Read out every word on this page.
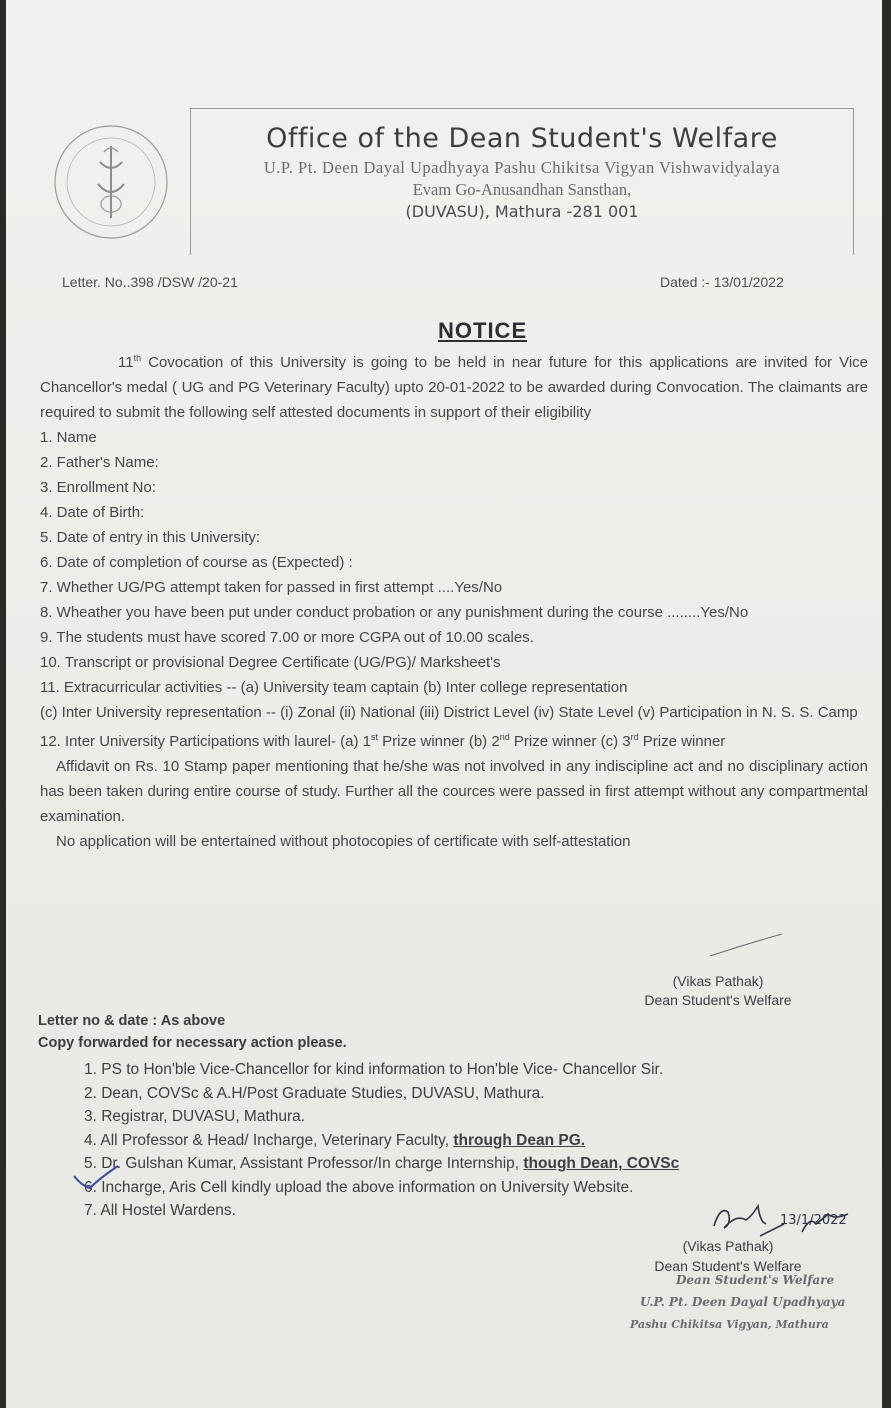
Office of the Dean Student's Welfare
U.P. Pt. Deen Dayal Upadhyaya Pashu Chikitsa Vigyan Vishwavidyalaya
Evam Go-Anusandhan Sansthan,
(DUVASU), Mathura -281 001
Letter. No..398 /DSW /20-21	Dated :- 13/01/2022
NOTICE

11th Covocation of this University is going to be held in near future for this applications are invited for Vice Chancellor's medal ( UG and PG Veterinary Faculty) upto 20-01-2022 to be awarded during Convocation. The claimants are required to submit the following self attested documents in support of their eligibility

1. Name

2. Father's Name:

3. Enrollment No:

4. Date of Birth:

5. Date of entry in this University:

6. Date of completion of course as (Expected) :

7. Whether UG/PG attempt taken for passed in first attempt ....Yes/No

8. Wheather you have been put under conduct probation or any punishment during the course ........Yes/No

9. The students must have scored 7.00 or more CGPA out of 10.00 scales.

10. Transcript or provisional Degree Certificate (UG/PG)/ Marksheet's

11. Extracurricular activities -- (a) University team captain (b) Inter college representation

(c) Inter University representation -- (i) Zonal (ii) National (iii) District Level (iv) State Level (v) Participation in N. S. S. Camp

12. Inter University Participations with laurel- (a) 1st Prize winner (b) 2nd Prize winner (c) 3rd Prize winner

Affidavit on Rs. 10 Stamp paper mentioning that he/she was not involved in any indiscipline act and no disciplinary action has been taken during entire course of study. Further all the cources were passed in first attempt without any compartmental examination.

No application will be entertained without photocopies of certificate with self-attestation

(Vikas Pathak)
Dean Student's Welfare
Letter no & date : As above
Copy forwarded for necessary action please.
1. PS to Hon'ble Vice-Chancellor for kind information to Hon'ble Vice- Chancellor Sir.
2. Dean, COVSc & A.H/Post Graduate Studies, DUVASU, Mathura.
3. Registrar, DUVASU, Mathura.
4. All Professor & Head/ Incharge, Veterinary Faculty, through Dean PG.
5. Dr. Gulshan Kumar, Assistant Professor/In charge Internship, though Dean, COVSc
6. Incharge, Aris Cell kindly upload the above information on University Website.
7. All Hostel Wardens.
13/1/2022
(Vikas Pathak)
Dean Student's Welfare
Dean Student's Welfare
U.P. Pt. Deen Dayal Upadhyaya
Pashu Chikitsa Vigyan, Mathura
